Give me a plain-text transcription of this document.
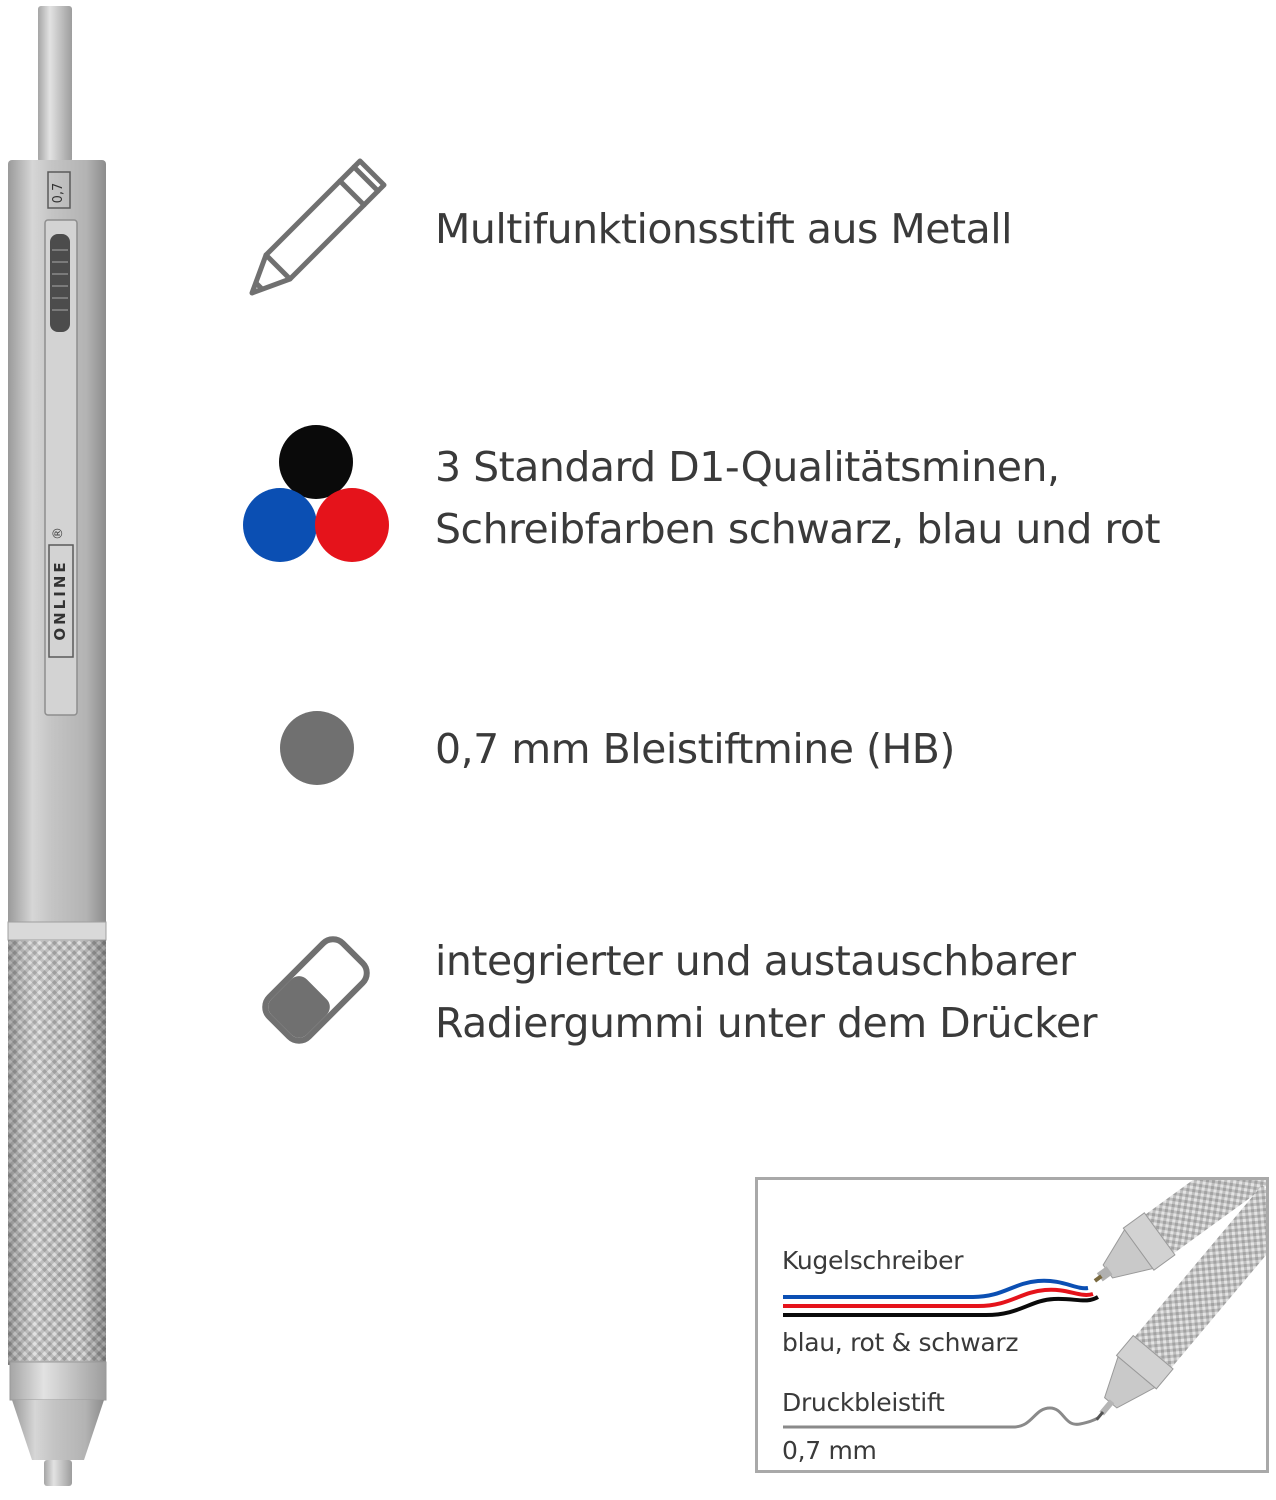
0,7
ONLINE
®
Multifunktionsstift aus Metall
3 Standard D1-Qualitätsminen,
Schreibfarben schwarz, blau und rot
0,7 mm Bleistiftmine (HB)
integrierter und austauschbarer
Radiergummi unter dem Drücker
Kugelschreiber
blau, rot & schwarz
Druckbleistift
0,7 mm
